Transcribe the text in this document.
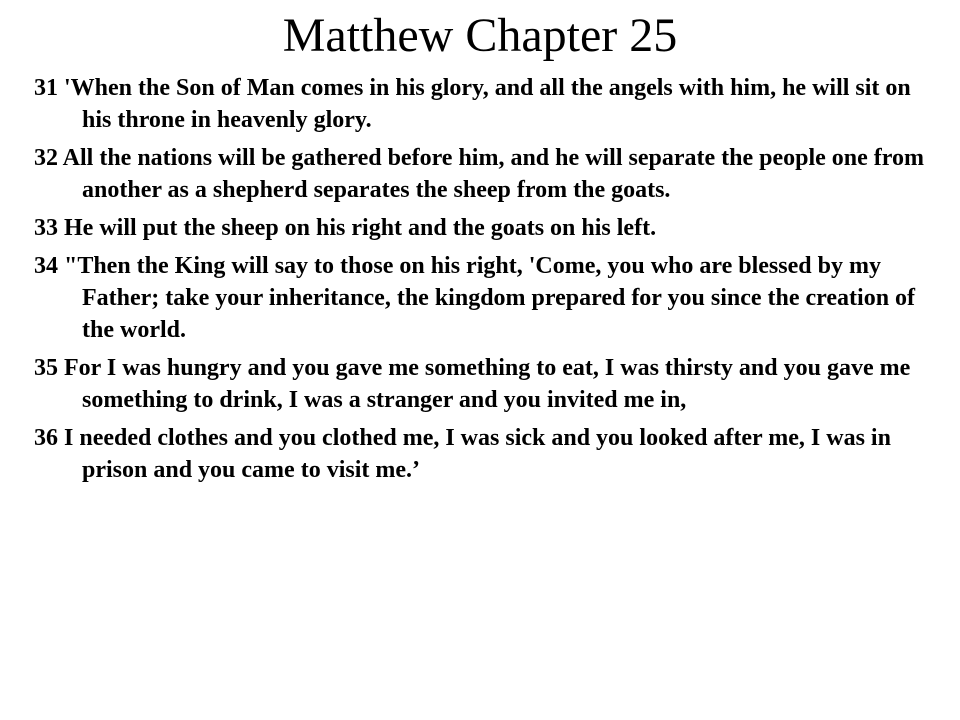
Matthew Chapter 25
31 'When the Son of Man comes in his glory, and all the angels with him, he will sit on his throne in heavenly glory.
32 All the nations will be gathered before him, and he will separate the people one from another as a shepherd separates the sheep from the goats.
33 He will put the sheep on his right and the goats on his left.
34 "Then the King will say to those on his right, 'Come, you who are blessed by my Father; take your inheritance, the kingdom prepared for you since the creation of the world.
35 For I was hungry and you gave me something to eat, I was thirsty and you gave me something to drink, I was a stranger and you invited me in,
36 I needed clothes and you clothed me, I was sick and you looked after me, I was in prison and you came to visit me.’
